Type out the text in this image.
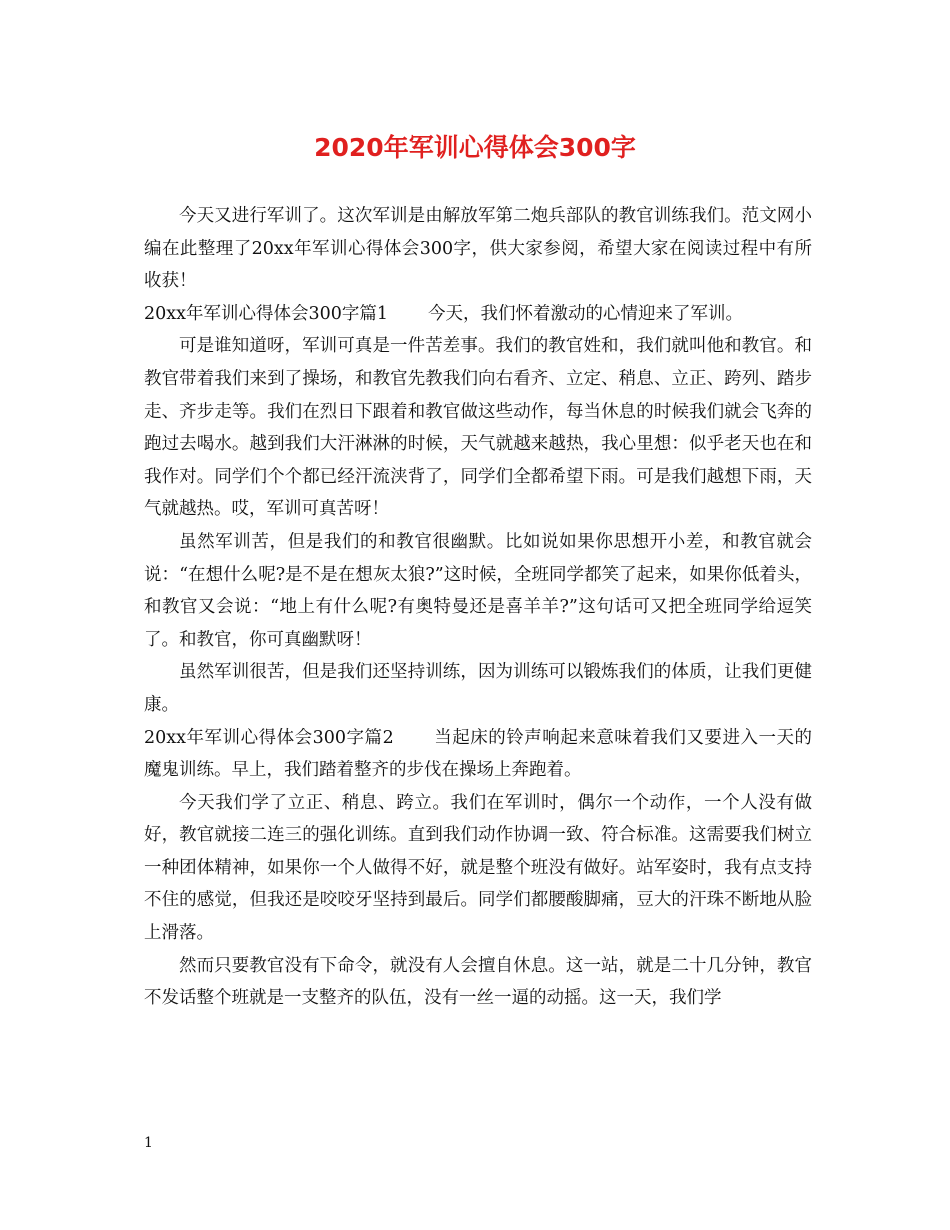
2020年军训心得体会300字

今天又进行军训了。这次军训是由解放军第二炮兵部队的教官训练我们。范文网小编在此整理了20xx年军训心得体会300字，供大家参阅，希望大家在阅读过程中有所收获！

20xx年军训心得体会300字篇1 今天，我们怀着激动的心情迎来了军训。

可是谁知道呀，军训可真是一件苦差事。我们的教官姓和，我们就叫他和教官。和教官带着我们来到了操场，和教官先教我们向右看齐、立定、稍息、立正、跨列、踏步走、齐步走等。我们在烈日下跟着和教官做这些动作，每当休息的时候我们就会飞奔的跑过去喝水。越到我们大汗淋淋的时候，天气就越来越热，我心里想：似乎老天也在和我作对。同学们个个都已经汗流浃背了，同学们全都希望下雨。可是我们越想下雨，天气就越热。哎，军训可真苦呀！

虽然军训苦，但是我们的和教官很幽默。比如说如果你思想开小差，和教官就会说：“在想什么呢?是不是在想灰太狼?”这时候，全班同学都笑了起来，如果你低着头，和教官又会说：“地上有什么呢?有奥特曼还是喜羊羊?”这句话可又把全班同学给逗笑了。和教官，你可真幽默呀！

虽然军训很苦，但是我们还坚持训练，因为训练可以锻炼我们的体质，让我们更健康。

20xx年军训心得体会300字篇2 当起床的铃声响起来意味着我们又要进入一天的魔鬼训练。早上，我们踏着整齐的步伐在操场上奔跑着。

今天我们学了立正、稍息、跨立。我们在军训时，偶尔一个动作，一个人没有做好，教官就接二连三的强化训练。直到我们动作协调一致、符合标准。这需要我们树立一种团体精神，如果你一个人做得不好，就是整个班没有做好。站军姿时，我有点支持不住的感觉，但我还是咬咬牙坚持到最后。同学们都腰酸脚痛，豆大的汗珠不断地从脸上滑落。

然而只要教官没有下命令，就没有人会擅自休息。这一站，就是二十几分钟，教官不发话整个班就是一支整齐的队伍，没有一丝一逼的动摇。这一天，我们学

1
